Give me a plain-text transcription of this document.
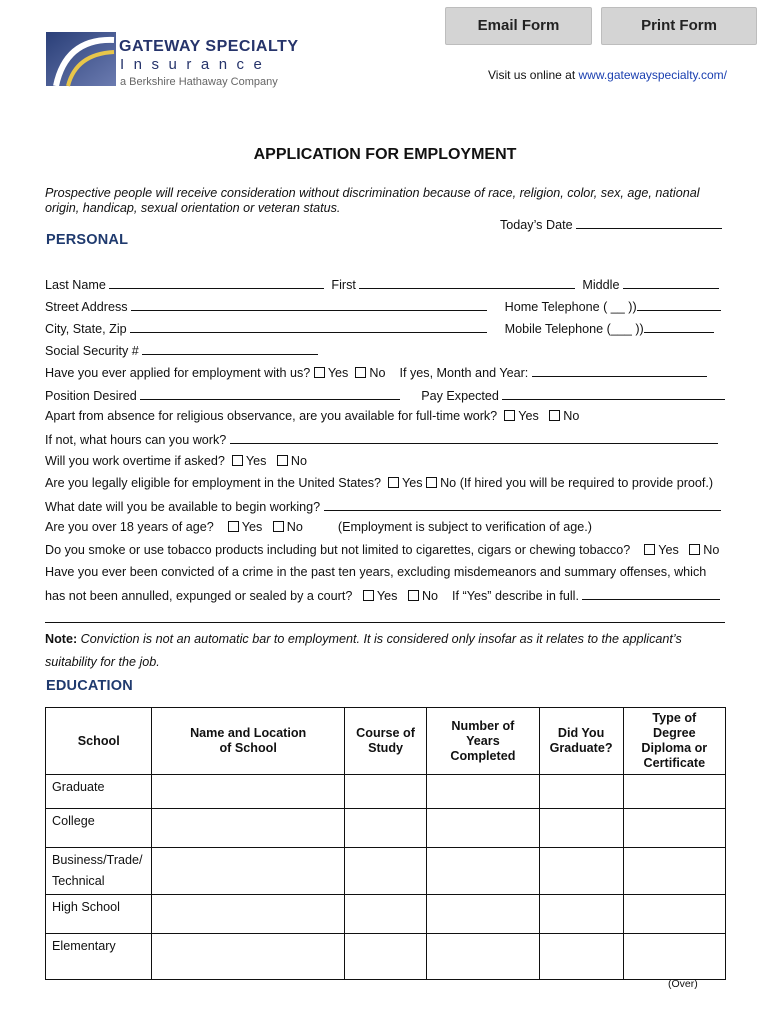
Email Form	Print Form
GATEWAY SPECIALTY
Insurance
a Berkshire Hathaway Company	Visit us online at www.gatewayspecialty.com/
APPLICATION FOR EMPLOYMENT
Prospective people will receive consideration without discrimination because of race, religion, color, sex, age, national origin, handicap, sexual orientation or veteran status.
Today’s Date
PERSONAL
Last Name	First	Middle
Street Address	Home Telephone ( __ ))
City, State, Zip	Mobile Telephone (___ ))
Social Security #
Have you ever applied for employment with us? Yes No If yes, Month and Year:
Position Desired	Pay Expected
Apart from absence for religious observance, are you available for full-time work? Yes No
If not, what hours can you work?
Will you work overtime if asked? Yes No
Are you legally eligible for employment in the United States? Yes No (If hired you will be required to provide proof.)
What date will you be available to begin working?
Are you over 18 years of age? Yes No	(Employment is subject to verification of age.)
Do you smoke or use tobacco products including but not limited to cigarettes, cigars or chewing tobacco? Yes No
Have you ever been convicted of a crime in the past ten years, excluding misdemeanors and summary offenses, which
has not been annulled, expunged or sealed by a court? Yes No If “Yes” describe in full.
Note: Conviction is not an automatic bar to employment. It is considered only insofar as it relates to the applicant’s
suitability for the job.
EDUCATION
School	Name and Location of School	Course of Study	Number of Years Completed	Did You Graduate?	Type of Degree Diploma or Certificate
Graduate					
College					
Business/Trade/ Technical					
High School					
Elementary					
(Over)
